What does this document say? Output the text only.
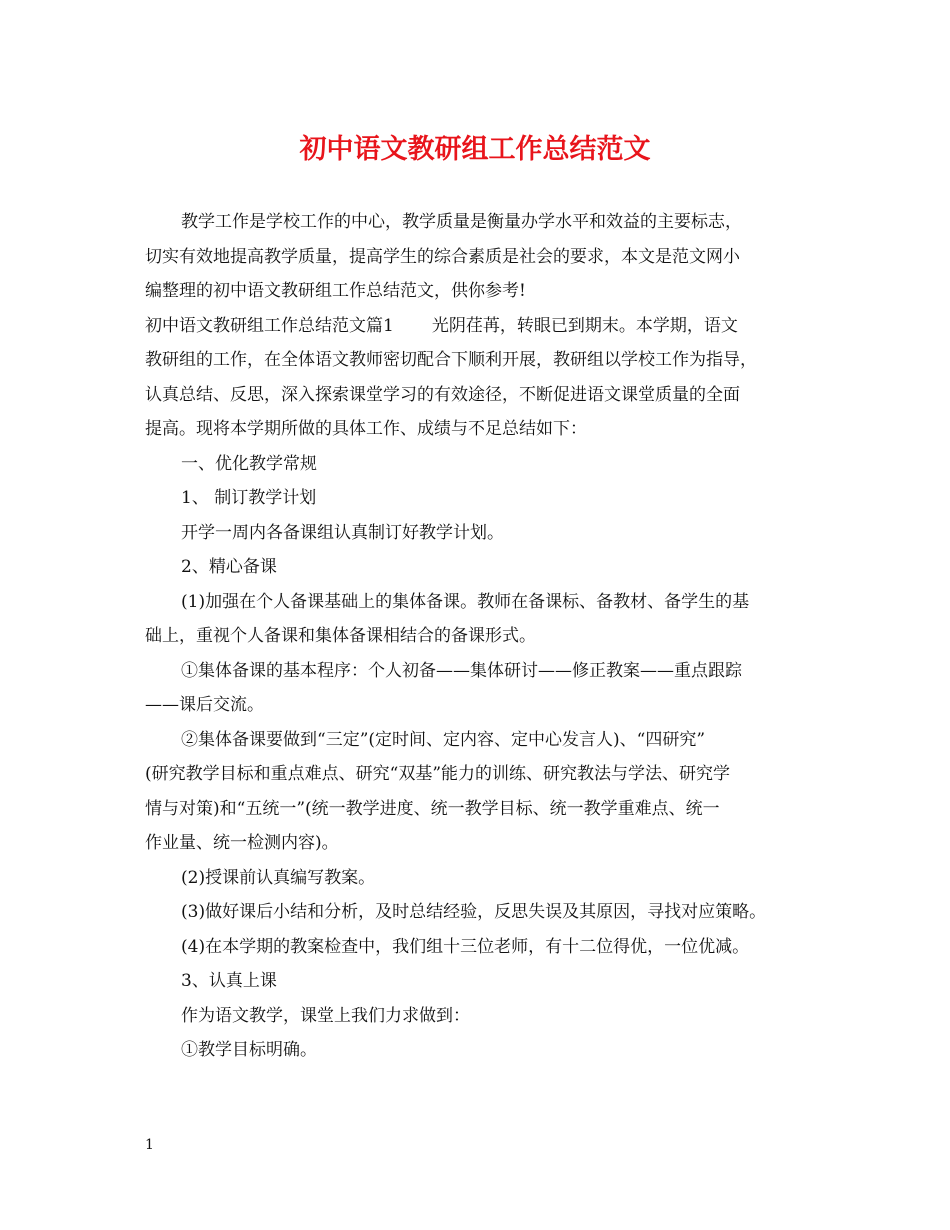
初中语文教研组工作总结范文

教学工作是学校工作的中心，教学质量是衡量办学水平和效益的主要标志，

切实有效地提高教学质量，提高学生的综合素质是社会的要求，本文是范文网小

编整理的初中语文教研组工作总结范文，供你参考!

初中语文教研组工作总结范文篇1 光阴荏苒，转眼已到期末。本学期，语文

教研组的工作，在全体语文教师密切配合下顺利开展，教研组以学校工作为指导，

认真总结、反思，深入探索课堂学习的有效途径，不断促进语文课堂质量的全面

提高。现将本学期所做的具体工作、成绩与不足总结如下：

一、优化教学常规

1、 制订教学计划

开学一周内各备课组认真制订好教学计划。

2、精心备课

(1)加强在个人备课基础上的集体备课。教师在备课标、备教材、备学生的基

础上，重视个人备课和集体备课相结合的备课形式。

①集体备课的基本程序：个人初备——集体研讨——修正教案——重点跟踪

——课后交流。

②集体备课要做到“三定”(定时间、定内容、定中心发言人)、“四研究”

(研究教学目标和重点难点、研究“双基”能力的训练、研究教法与学法、研究学

情与对策)和“五统一”(统一教学进度、统一教学目标、统一教学重难点、统一

作业量、统一检测内容)。

(2)授课前认真编写教案。

(3)做好课后小结和分析，及时总结经验，反思失误及其原因，寻找对应策略。

(4)在本学期的教案检查中，我们组十三位老师，有十二位得优，一位优减。

3、认真上课

作为语文教学，课堂上我们力求做到：

①教学目标明确。

1
